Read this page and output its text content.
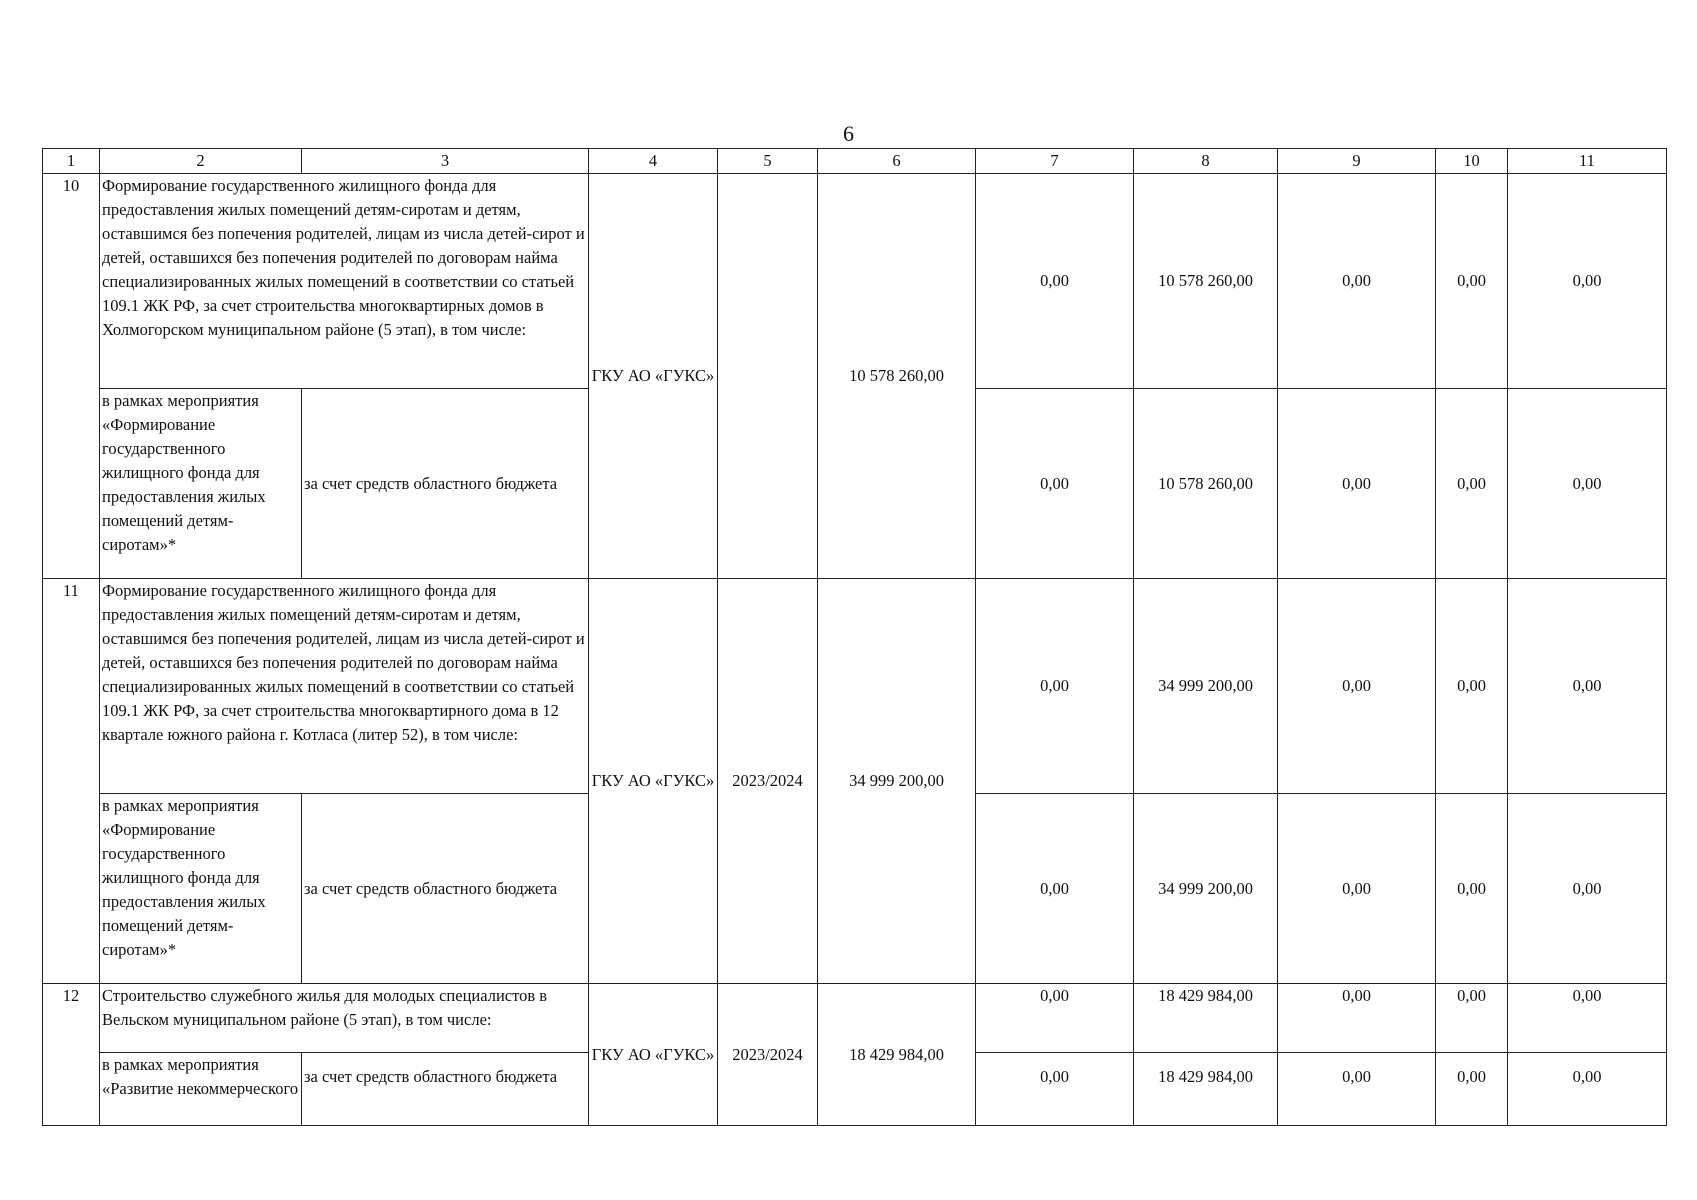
6
1	2	3	4	5	6	7	8	9	10	11
10	Формирование государственного жилищного фонда для предоставления жилых помещений детям-сиротам и детям, оставшимся без попечения родителей, лицам из числа детей-сирот и детей, оставшихся без попечения родителей по договорам найма специализированных жилых помещений в соответствии со статьей 109.1 ЖК РФ, за счет строительства многоквартирных домов в Холмогорском муниципальном районе (5 этап), в том числе:		ГКУ АО «ГУКС»		10 578 260,00	0,00	10 578 260,00	0,00	0,00	0,00
	в рамках мероприятия «Формирование государственного жилищного фонда для предоставления жилых помещений детям-сиротам»*	за счет средств областного бюджета				0,00	10 578 260,00	0,00	0,00	0,00
11	Формирование государственного жилищного фонда для предоставления жилых помещений детям-сиротам и детям, оставшимся без попечения родителей, лицам из числа детей-сирот и детей, оставшихся без попечения родителей по договорам найма специализированных жилых помещений в соответствии со статьей 109.1 ЖК РФ, за счет строительства многоквартирного дома в 12 квартале южного района г. Котласа (литер 52), в том числе:		ГКУ АО «ГУКС»	2023/2024	34 999 200,00	0,00	34 999 200,00	0,00	0,00	0,00
	в рамках мероприятия «Формирование государственного жилищного фонда для предоставления жилых помещений детям-сиротам»*	за счет средств областного бюджета				0,00	34 999 200,00	0,00	0,00	0,00
12	Строительство служебного жилья для молодых специалистов в Вельском муниципальном районе (5 этап), в том числе:		ГКУ АО «ГУКС»	2023/2024	18 429 984,00	0,00	18 429 984,00	0,00	0,00	0,00
	в рамках мероприятия «Развитие некоммерческого	за счет средств областного бюджета				0,00	18 429 984,00	0,00	0,00	0,00
